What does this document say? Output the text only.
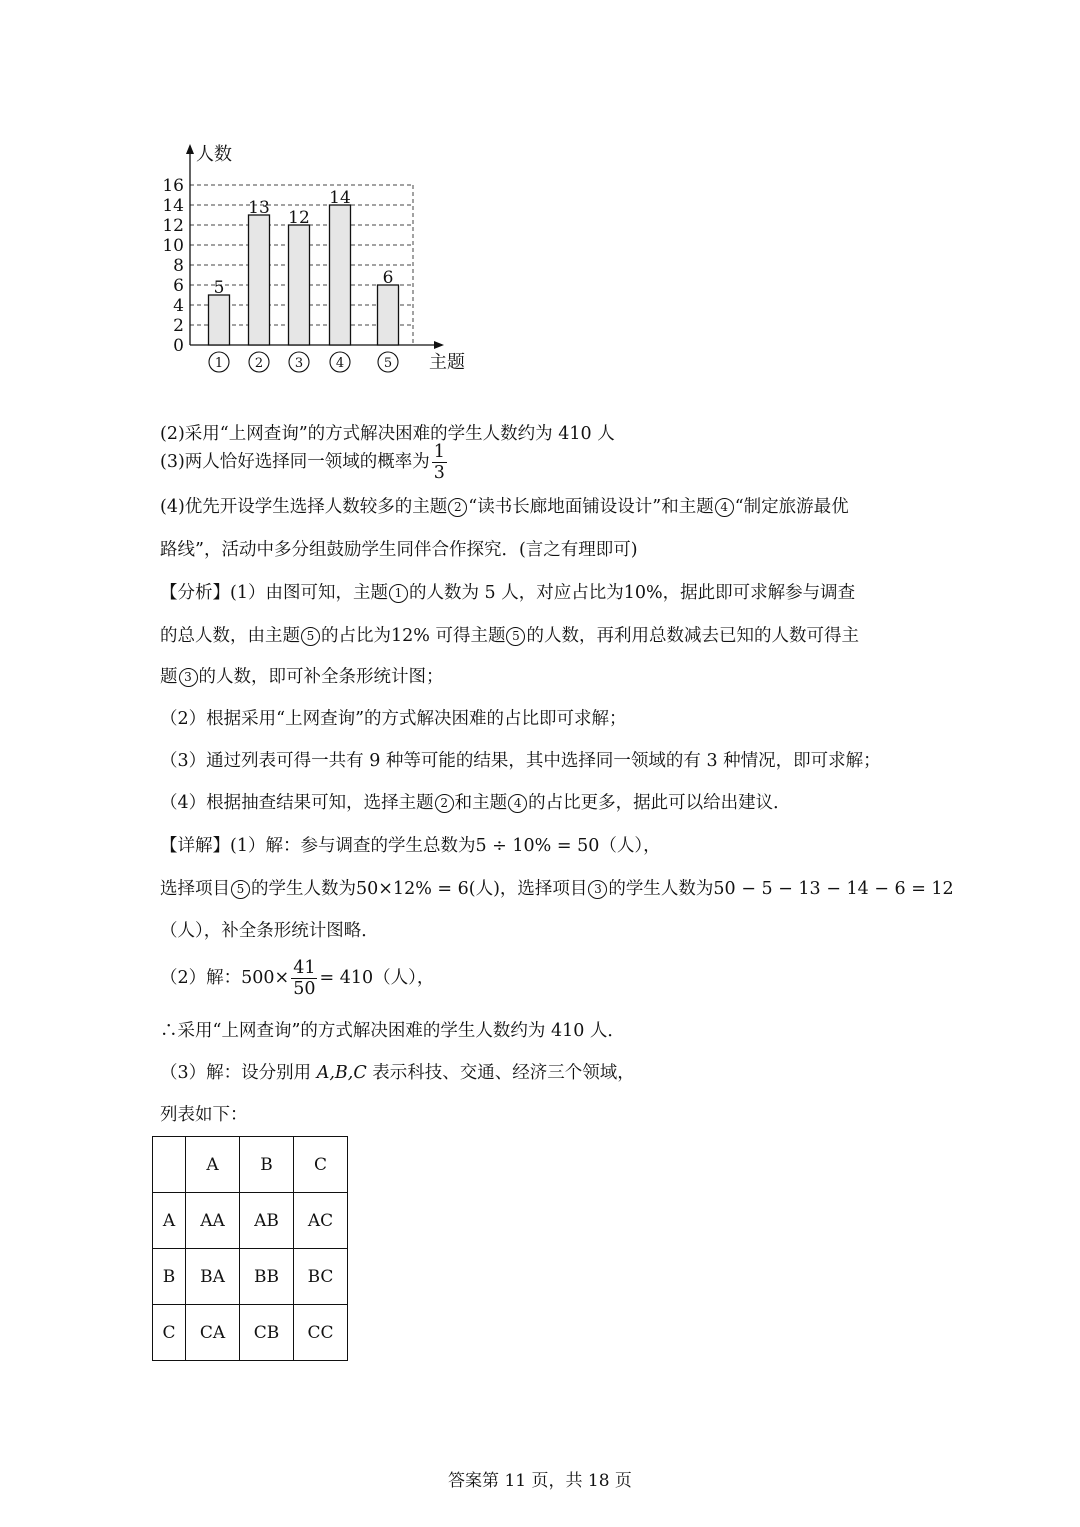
0
2
4
6
8
10
12
14
16
人数
主题
5
1
13
2
12
3
14
4
6
5
(2)采用“上网查询”的方式解决困难的学生人数约为 410 人
(3)两人恰好选择同一领域的概率为 $\frac{1}{3}$
(4)优先开设学生选择人数较多的主题 2 “读书长廊地面铺设设计”和主题 4 “制定旅游最优
路线”，活动中多分组鼓励学生同伴合作探究．(言之有理即可)
【分析】(1）由图可知，主题 1 的人数为 5 人，对应占比为10%，据此即可求解参与调查
的总人数，由主题 5 的占比为12% 可得主题 5 的人数，再利用总数减去已知的人数可得主
题 3 的人数，即可补全条形统计图；
（2）根据采用“上网查询”的方式解决困难的占比即可求解；
（3）通过列表可得一共有 9 种等可能的结果，其中选择同一领域的有 3 种情况，即可求解；
（4）根据抽查结果可知，选择主题 2 和主题 4 的占比更多，据此可以给出建议．
【详解】(1）解：参与调查的学生总数为5 ÷ 10% = 50（人），
选择项目 5 的学生人数为50×12% = 6(人)，选择项目 3 的学生人数为50 − 5 − 13 − 14 − 6 = 12
（人），补全条形统计图略．
（2）解：$500\times \frac{41}{50} = 410$（人），
∴采用“上网查询”的方式解决困难的学生人数约为 410 人．
（3）解：设分别用 A,B,C 表示科技、交通、经济三个领域，
列表如下：
	A	B	C
A	AA	AB	AC
B	BA	BB	BC
C	CA	CB	CC
答案第 11 页，共 18 页
